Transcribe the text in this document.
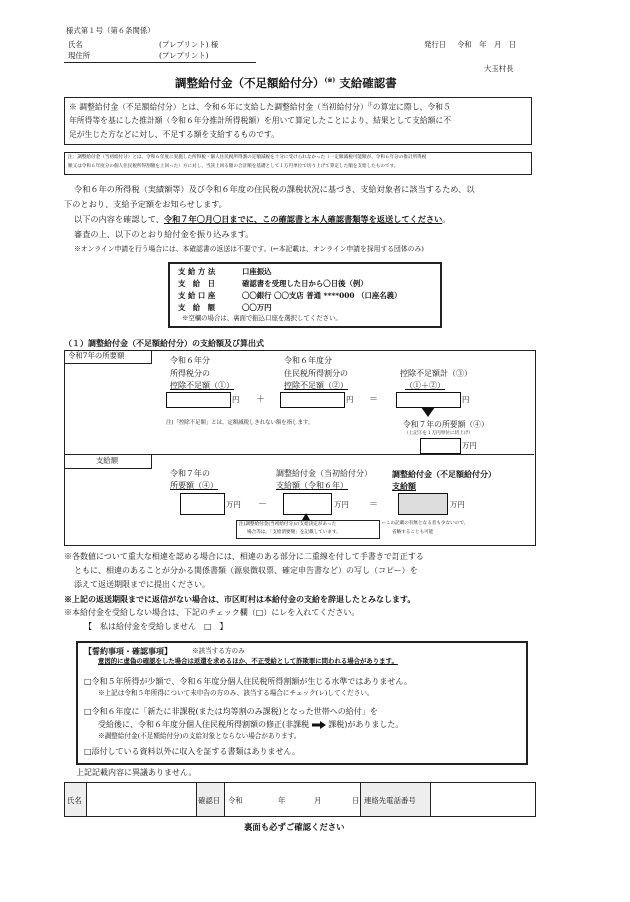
様式第１号（第６条関係）
氏名	(プレプリント) 様
現住所	(プレプリント)
発行日 令和　年　月　日
大玉村長
調整給付金（不足額給付分）(※) 支給確認書
※ 調整給付金（不足額給付分）とは、令和６年に支給した調整給付金（当初給付分）$^注$の算定に際し、令和５
年所得等を基にした推計額（令和６年分推計所得税額）を用いて算定したことにより、結果として支給額に不
足が生じた方などに対し、不足する額を支給するものです。
注：調整給付金（当初給付分）とは、令和６年度に実施した所得税・個人住民税所得割の定額減税を十分に受けられなかった（一定額減税可能額が、令和６年分の推計所得税
額又は令和６年度分の個人住民税所得割額を上回った）方に対し、当該上回る額の合計額を基礎として１万円単位で切り上げて算定した額を支給したものです。
令和６年の所得税（実績額等）及び令和６年度の住民税の課税状況に基づき、支給対象者に該当するため、以
下のとおり、支給予定額をお知らせします。
以下の内容を確認して、令和７年〇月〇日までに、この確認書と本人確認書類等を返送してください。
審査の上、以下のとおり給付金を振り込みます。
※オンライン申請を行う場合には、本確認書の返送は不要です。(←本記載は、オンライン申請を採用する団体のみ)
支 給 方 法	口座振込
支　給　日	確認書を受理した日から〇日後（例）
支 給 口 座	〇〇銀行 〇〇支店 普通 ****000 （口座名義）
支　給　額	〇〇万円
※空欄の場合は、裏面で振込口座を選択してください。
（１）調整給付金（不足額給付分）の支給額及び算出式
令和7年の所要額
支給額
令和６年分
所得税分の
控除不足額（①）
令和６年度分
住民税所得割分の
控除不足額（②）
控除不足額計（③）
（①＋②）
円 ＋	円 ＝	円
注)「控除不足額」とは、定額減税しきれない額を指します。	令和７年の所要額（④）
（上記③を１万円単位に切上げ）
万円
令和７年の
所要額（④）
調整給付金（当初給付分）
支給額（令和６年）
調整給付金（不足額給付分）
支給額
万円 －	万円 ＝	万円
注)調整給付金(当初給付分)の支給決定があった
場合等は、「支給済要額」を記載しています。
←この記載の有無となる者も少ないので、
省略することも可能
※各数値について重大な相違を認める場合には、相違のある部分に二重線を付して手書きで訂正する
ともに、相違のあることが分かる関係書類（源泉徴収票、確定申告書など）の写し（コピー）を
添えて返送期限までに提出ください。
※上記の返送期限までに返信がない場合は、市区町村は本給付金の支給を辞退したとみなします。
※本給付金を受給しない場合は、下記のチェック欄（□）にレを入れてください。
【　私は給付金を受給しません　□　】
【誓約事項・確認事項】	※該当する方のみ
意図的に虚偽の確認をした場合は返還を求めるほか、不正受給として詐欺罪に問われる場合があります。
□令和５年所得が少額で、令和６年度分個人住民税所得割額が生じる水準ではありません。
※上記は令和５年所得について未申告の方のみ、該当する場合にチェック(レ)してください。
□令和６年度に「新たに非課税(または均等割のみ課税)となった世帯への給付」を
受給後に、令和６年度分個人住民税所得割額の修正(非課税 課税)がありました。
※調整給付金(不足額給付分)の支給対象とならない場合があります。
□添付している資料以外に収入を証する書類はありません。
上記記載内容に異議ありません。
氏名	確認日 令和	年	月	日 連絡先電話番号
裏面も必ずご確認ください
